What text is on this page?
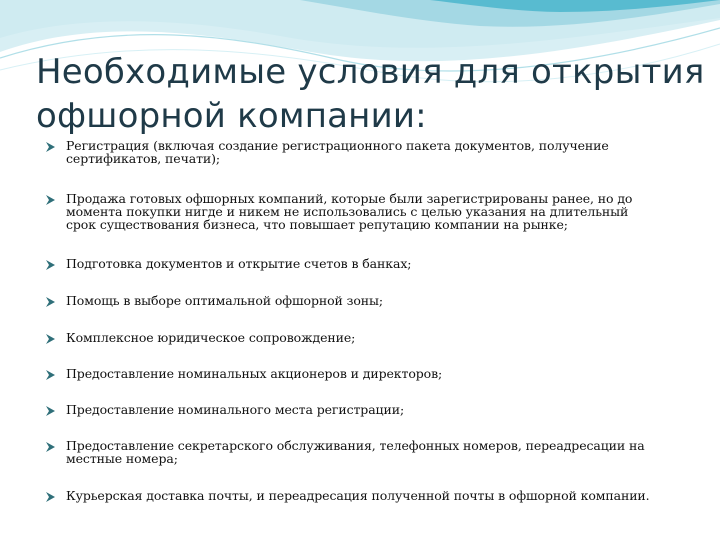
Необходимые условия для открытия
офшорной компании:
Регистрация (включая создание регистрационного пакета документов, получение
сертификатов, печати);
Продажа готовых офшорных компаний, которые были зарегистрированы ранее, но до
момента покупки нигде и никем не использовались с целью указания на длительный
срок существования бизнеса, что повышает репутацию компании на рынке;
Подготовка документов и открытие счетов в банках;
Помощь в выборе оптимальной офшорной зоны;
Комплексное юридическое сопровождение;
Предоставление номинальных акционеров и директоров;
Предоставление номинального места регистрации;
Предоставление секретарского обслуживания, телефонных номеров, переадресации на
местные номера;
Курьерская доставка почты, и переадресация полученной почты в офшорной компании.
